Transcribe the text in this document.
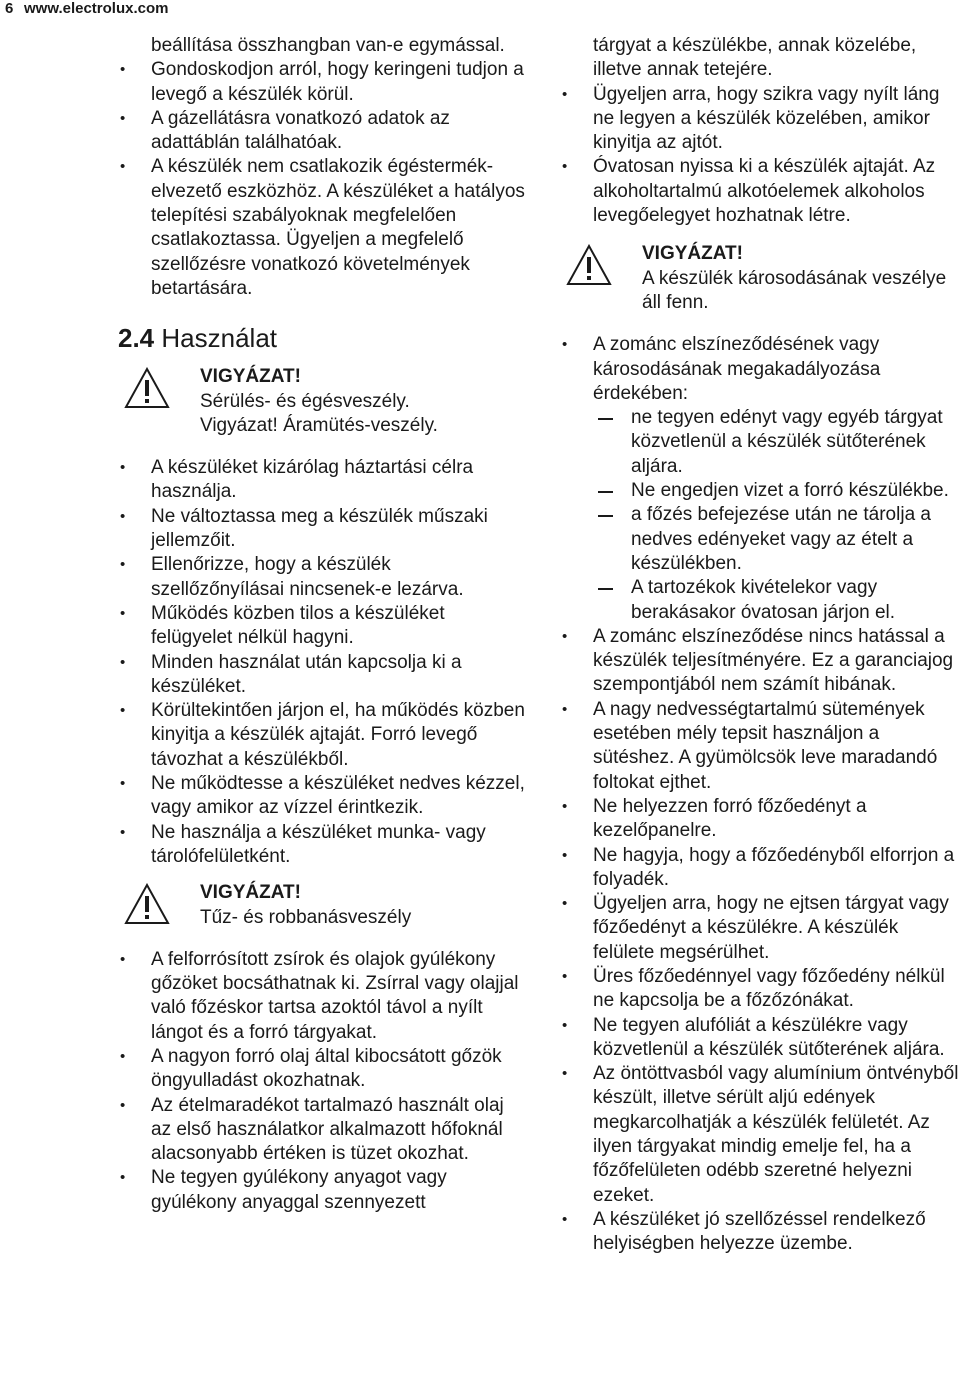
6 www.electrolux.com
beállítása összhangban van-e egymással.
• Gondoskodjon arról, hogy keringeni tudjon a levegő a készülék körül.
• A gázellátásra vonatkozó adatok az adattáblán találhatóak.
• A készülék nem csatlakozik égéstermék-elvezető eszközhöz. A készüléket a hatályos telepítési szabályoknak megfelelően csatlakoztassa. Ügyeljen a megfelelő szellőzésre vonatkozó követelmények betartására.
2.4 Használat
VIGYÁZAT!
Sérülés- és égésveszély.
Vigyázat! Áramütés-veszély.
• A készüléket kizárólag háztartási célra használja.
• Ne változtassa meg a készülék műszaki jellemzőit.
• Ellenőrizze, hogy a készülék szellőzőnyílásai nincsenek-e lezárva.
• Működés közben tilos a készüléket felügyelet nélkül hagyni.
• Minden használat után kapcsolja ki a készüléket.
• Körültekintően járjon el, ha működés közben kinyitja a készülék ajtaját. Forró levegő távozhat a készülékből.
• Ne működtesse a készüléket nedves kézzel, vagy amikor az vízzel érintkezik.
• Ne használja a készüléket munka- vagy tárolófelületként.
VIGYÁZAT!
Tűz- és robbanásveszély
• A felforrósított zsírok és olajok gyúlékony gőzöket bocsáthatnak ki. Zsírral vagy olajjal való főzéskor tartsa azoktól távol a nyílt lángot és a forró tárgyakat.
• A nagyon forró olaj által kibocsátott gőzök öngyulladást okozhatnak.
• Az ételmaradékot tartalmazó használt olaj az első használatkor alkalmazott hőfoknál alacsonyabb értéken is tüzet okozhat.
• Ne tegyen gyúlékony anyagot vagy gyúlékony anyaggal szennyezett
tárgyat a készülékbe, annak közelébe, illetve annak tetejére.
• Ügyeljen arra, hogy szikra vagy nyílt láng ne legyen a készülék közelében, amikor kinyitja az ajtót.
• Óvatosan nyissa ki a készülék ajtaját. Az alkoholtartalmú alkotóelemek alkoholos levegőelegyet hozhatnak létre.
VIGYÁZAT!
A készülék károsodásának veszélye áll fenn.
• A zománc elszíneződésének vagy károsodásának megakadályozása érdekében:
ne tegyen edényt vagy egyéb tárgyat közvetlenül a készülék sütőterének aljára.
Ne engedjen vizet a forró készülékbe.
a főzés befejezése után ne tárolja a nedves edényeket vagy az ételt a készülékben.
A tartozékok kivételekor vagy berakásakor óvatosan járjon el.
• A zománc elszíneződése nincs hatással a készülék teljesítményére. Ez a garanciajog szempontjából nem számít hibának.
• A nagy nedvességtartalmú sütemények esetében mély tepsit használjon a sütéshez. A gyümölcsök leve maradandó foltokat ejthet.
• Ne helyezzen forró főzőedényt a kezelőpanelre.
• Ne hagyja, hogy a főzőedényből elforrjon a folyadék.
• Ügyeljen arra, hogy ne ejtsen tárgyat vagy főzőedényt a készülékre. A készülék felülete megsérülhet.
• Üres főzőedénnyel vagy főzőedény nélkül ne kapcsolja be a főzőzónákat.
• Ne tegyen alufóliát a készülékre vagy közvetlenül a készülék sütőterének aljára.
• Az öntöttvasból vagy alumínium öntvényből készült, illetve sérült aljú edények megkarcolhatják a készülék felületét. Az ilyen tárgyakat mindig emelje fel, ha a főzőfelületen odébb szeretné helyezni ezeket.
• A készüléket jó szellőzéssel rendelkező helyiségben helyezze üzembe.
